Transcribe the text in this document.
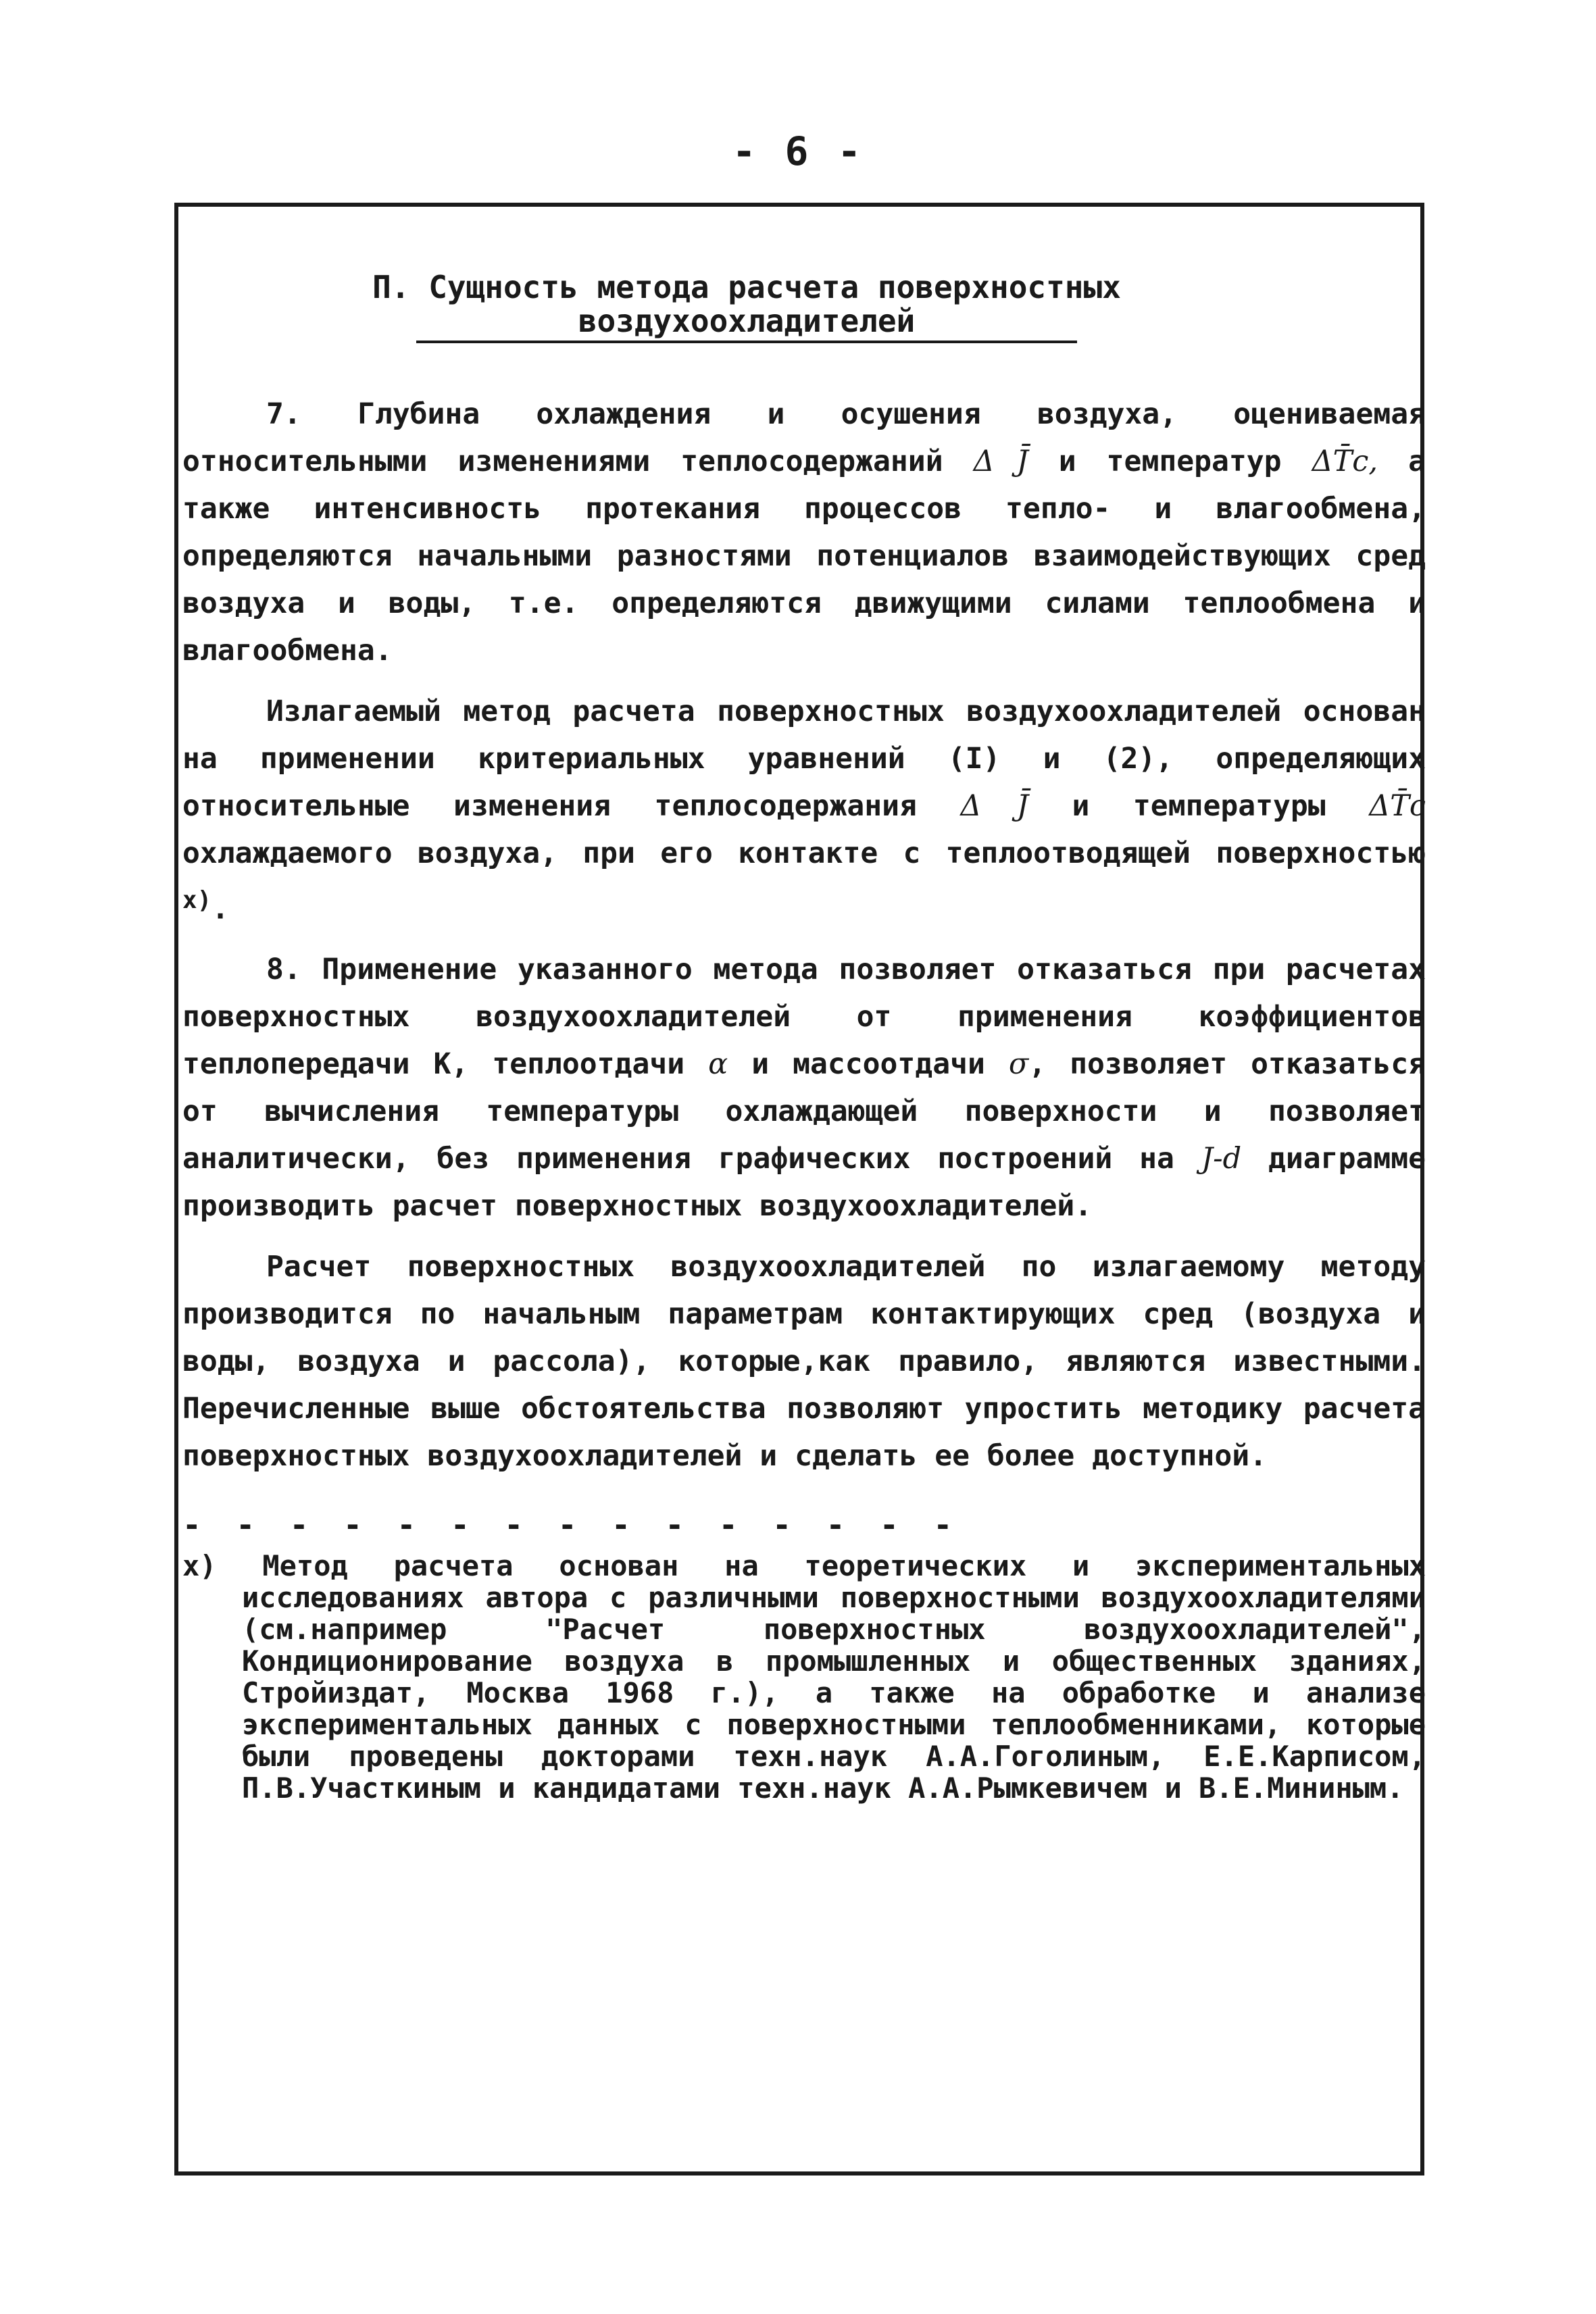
- 6 -
П. Сущность метода расчета поверхностных
воздухоохладителей

7. Глубина охлаждения и осушения воздуха, оцениваемая относительными изменениями теплосодержаний Δ J̄ и температур ΔT̄c, а также интенсивность протекания процессов тепло- и влагообмена, определяются начальными разностями потенциалов взаимодействующих сред воздуха и воды, т.е. определяются движущими силами теплообмена и влагообмена.

Излагаемый метод расчета поверхностных воздухоохладителей основан на применении критериальных уравнений (I) и (2), определяющих относительные изменения теплосодержания Δ J̄ и температуры ΔT̄c охлаждаемого воздуха, при его контакте с теплоотводящей поверхностью $^{x)}$.

8. Применение указанного метода позволяет отказаться при расчетах поверхностных воздухоохладителей от применения коэффициентов теплопередачи К, теплоотдачи α и массоотдачи σ, позволяет отказаться от вычисления температуры охлаждающей поверхности и позволяет аналитически, без применения графических построений на J-d диаграмме производить расчет поверхностных воздухоохладителей.

Расчет поверхностных воздухоохладителей по излагаемому методу производится по начальным параметрам контактирующих сред (воздуха и воды, воздуха и рассола), которые,как правило, являются известными. Перечисленные выше обстоятельства позволяют упростить методику расчета поверхностных воздухоохладителей и сделать ее более доступной.

- - - - - - - - - - - - - - -
x) Метод расчета основан на теоретических и экспериментальных исследованиях автора с различными поверхностными воздухоохладителями (см.например "Расчет поверхностных воздухоохладителей", Кондиционирование воздуха в промышленных и общественных зданиях, Стройиздат, Москва 1968 г.), а также на обработке и анализе экспериментальных данных с поверхностными теплообменниками, которые были проведены докторами техн.наук А.А.Гоголиным, Е.Е.Карписом, П.В.Участкиным и кандидатами техн.наук А.А.Рымкевичем и В.Е.Мининым.
